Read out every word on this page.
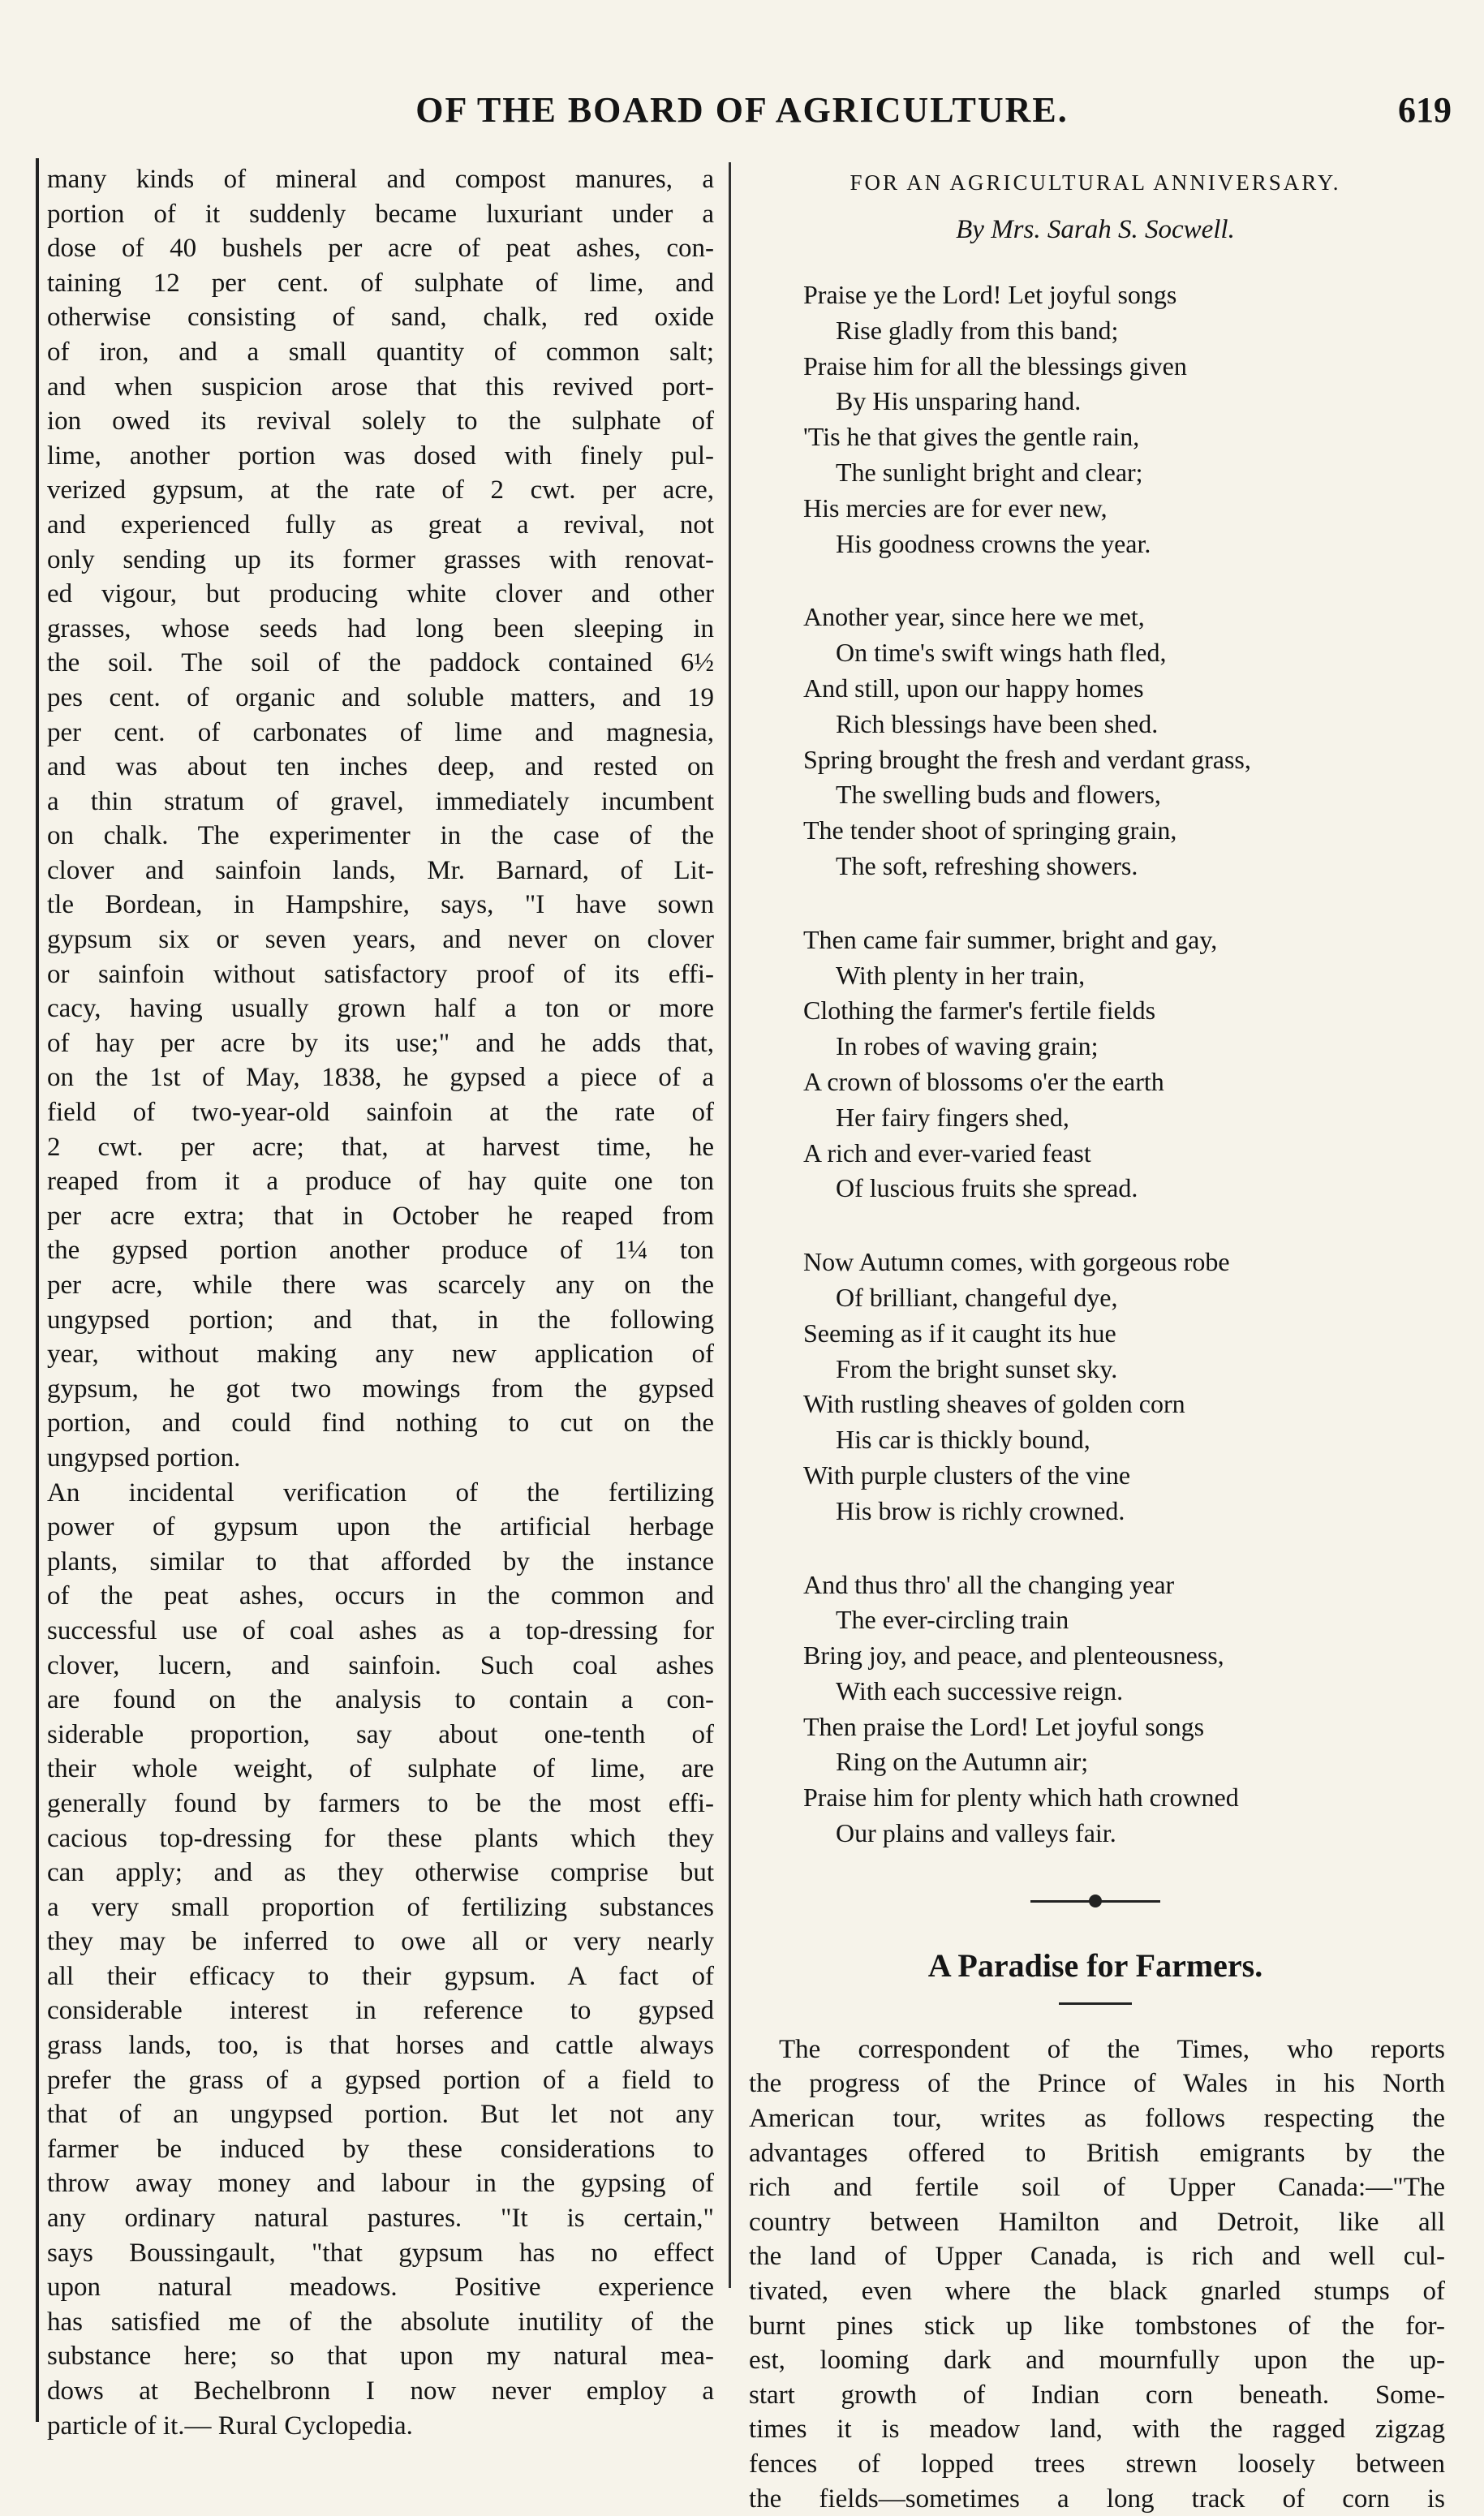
OF THE BOARD OF AGRICULTURE.	619
many kinds of mineral and compost manures, a
portion of it suddenly became luxuriant under a
dose of 40 bushels per acre of peat ashes, con-
taining 12 per cent. of sulphate of lime, and
otherwise consisting of sand, chalk, red oxide
of iron, and a small quantity of common salt;
and when suspicion arose that this revived port-
ion owed its revival solely to the sulphate of
lime, another portion was dosed with finely pul-
verized gypsum, at the rate of 2 cwt. per acre,
and experienced fully as great a revival, not
only sending up its former grasses with renovat-
ed vigour, but producing white clover and other
grasses, whose seeds had long been sleeping in
the soil. The soil of the paddock contained 6½
pes cent. of organic and soluble matters, and 19
per cent. of carbonates of lime and magnesia,
and was about ten inches deep, and rested on
a thin stratum of gravel, immediately incumbent
on chalk. The experimenter in the case of the
clover and sainfoin lands, Mr. Barnard, of Lit-
tle Bordean, in Hampshire, says, "I have sown
gypsum six or seven years, and never on clover
or sainfoin without satisfactory proof of its effi-
cacy, having usually grown half a ton or more
of hay per acre by its use;" and he adds that,
on the 1st of May, 1838, he gypsed a piece of a
field of two-year-old sainfoin at the rate of
2 cwt. per acre; that, at harvest time, he
reaped from it a produce of hay quite one ton
per acre extra; that in October he reaped from
the gypsed portion another produce of 1¼ ton
per acre, while there was scarcely any on the
ungypsed portion; and that, in the following
year, without making any new application of
gypsum, he got two mowings from the gypsed
portion, and could find nothing to cut on the
ungypsed portion.
An incidental verification of the fertilizing
power of gypsum upon the artificial herbage
plants, similar to that afforded by the instance
of the peat ashes, occurs in the common and
successful use of coal ashes as a top-dressing for
clover, lucern, and sainfoin. Such coal ashes
are found on the analysis to contain a con-
siderable proportion, say about one-tenth of
their whole weight, of sulphate of lime, are
generally found by farmers to be the most effi-
cacious top-dressing for these plants which they
can apply; and as they otherwise comprise but
a very small proportion of fertilizing substances
they may be inferred to owe all or very nearly
all their efficacy to their gypsum. A fact of
considerable interest in reference to gypsed
grass lands, too, is that horses and cattle always
prefer the grass of a gypsed portion of a field to
that of an ungypsed portion. But let not any
farmer be induced by these considerations to
throw away money and labour in the gypsing of
any ordinary natural pastures. "It is certain,"
says Boussingault, "that gypsum has no effect
upon natural meadows. Positive experience
has satisfied me of the absolute inutility of the
substance here; so that upon my natural mea-
dows at Bechelbronn I now never employ a
particle of it.— Rural Cyclopedia.
FOR AN AGRICULTURAL ANNIVERSARY.
By Mrs. Sarah S. Socwell.
Praise ye the Lord! Let joyful songs
Rise gladly from this band;
Praise him for all the blessings given
By His unsparing hand.
'Tis he that gives the gentle rain,
The sunlight bright and clear;
His mercies are for ever new,
His goodness crowns the year.
Another year, since here we met,
On time's swift wings hath fled,
And still, upon our happy homes
Rich blessings have been shed.
Spring brought the fresh and verdant grass,
The swelling buds and flowers,
The tender shoot of springing grain,
The soft, refreshing showers.
Then came fair summer, bright and gay,
With plenty in her train,
Clothing the farmer's fertile fields
In robes of waving grain;
A crown of blossoms o'er the earth
Her fairy fingers shed,
A rich and ever-varied feast
Of luscious fruits she spread.
Now Autumn comes, with gorgeous robe
Of brilliant, changeful dye,
Seeming as if it caught its hue
From the bright sunset sky.
With rustling sheaves of golden corn
His car is thickly bound,
With purple clusters of the vine
His brow is richly crowned.
And thus thro' all the changing year
The ever-circling train
Bring joy, and peace, and plenteousness,
With each successive reign.
Then praise the Lord! Let joyful songs
Ring on the Autumn air;
Praise him for plenty which hath crowned
Our plains and valleys fair.
A Paradise for Farmers.
The correspondent of the Times, who reports
the progress of the Prince of Wales in his North
American tour, writes as follows respecting the
advantages offered to British emigrants by the
rich and fertile soil of Upper Canada:—"The
country between Hamilton and Detroit, like all
the land of Upper Canada, is rich and well cul-
tivated, even where the black gnarled stumps of
burnt pines stick up like tombstones of the for-
est, looming dark and mournfully upon the up-
start growth of Indian corn beneath. Some-
times it is meadow land, with the ragged zigzag
fences of lopped trees strewn loosely between
the fields—sometimes a long track of corn is
